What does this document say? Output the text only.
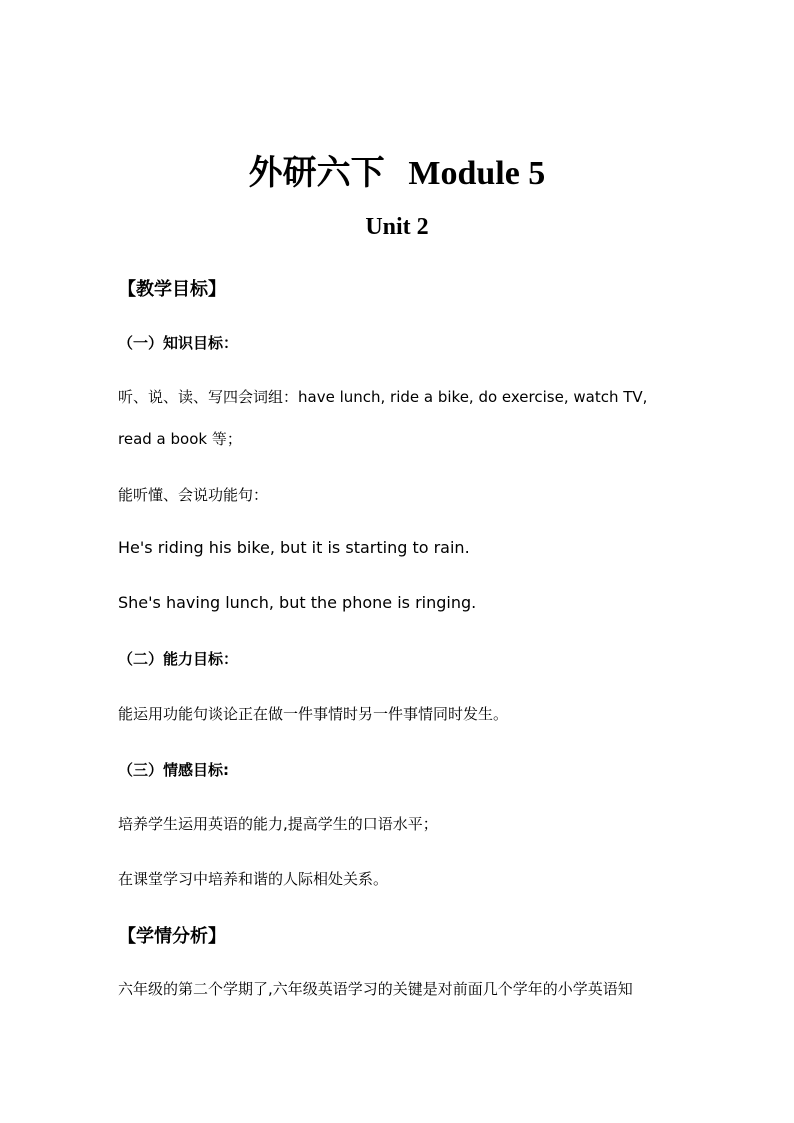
外研六下 Module 5
Unit 2
【教学目标】
（一）知识目标：
听、说、读、写四会词组：have lunch, ride a bike, do exercise, watch TV,
read a book 等；
能听懂、会说功能句：
He's riding his bike, but it is starting to rain.
She's having lunch, but the phone is ringing.
（二）能力目标：
能运用功能句谈论正在做一件事情时另一件事情同时发生。
（三）情感目标:
培养学生运用英语的能力,提高学生的口语水平；
在课堂学习中培养和谐的人际相处关系。
【学情分析】
六年级的第二个学期了,六年级英语学习的关键是对前面几个学年的小学英语知
